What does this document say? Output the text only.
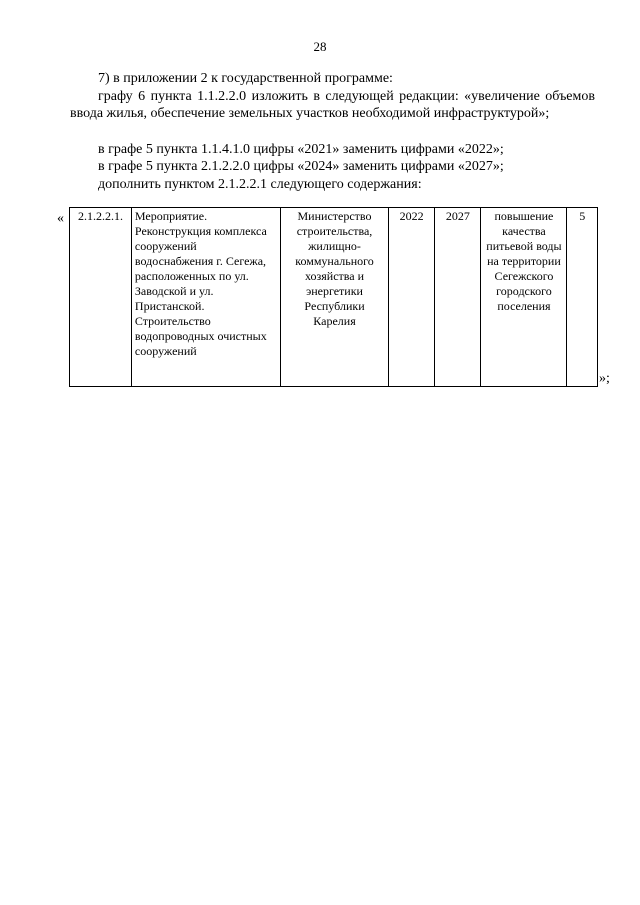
28

7) в приложении 2 к государственной программе:

графу 6 пункта 1.1.2.2.0 изложить в следующей редакции: «увеличение объемов ввода жилья, обеспечение земельных участков необходимой инфраструктурой»;

в графе 5 пункта 1.1.4.1.0 цифры «2021» заменить цифрами «2022»;

в графе 5 пункта 2.1.2.2.0 цифры «2024» заменить цифрами «2027»;

дополнить пунктом 2.1.2.2.1 следующего содержания:

« 2.1.2.2.1.	Мероприятие. Реконструкция комплекса сооружений водоснабжения г. Сегежа, расположенных по ул. Заводской и ул. Пристанской. Строительство водопроводных очистных сооружений	Министерство строительства, жилищно-коммунального хозяйства и энергетики Республики Карелия	2022	2027	повышение качества питьевой воды на территории Сегежского городского поселения	5
»;
